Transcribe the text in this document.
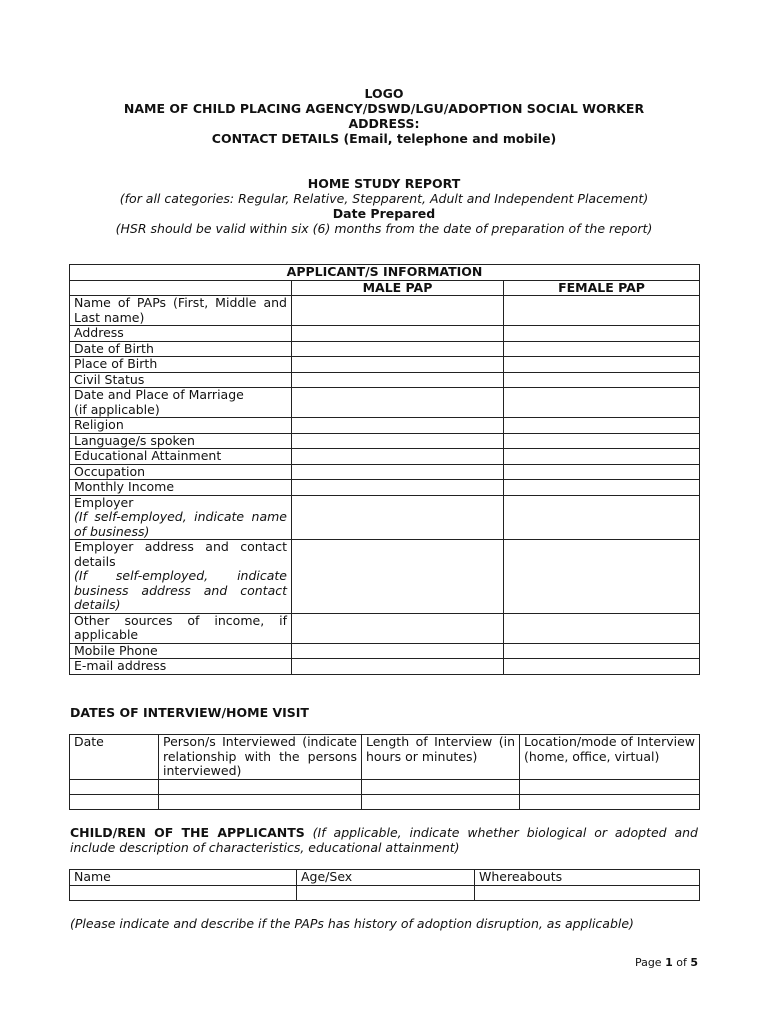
LOGO
NAME OF CHILD PLACING AGENCY/DSWD/LGU/ADOPTION SOCIAL WORKER
ADDRESS:
CONTACT DETAILS (Email, telephone and mobile)
HOME STUDY REPORT
(for all categories: Regular, Relative, Stepparent, Adult and Independent Placement)
Date Prepared
(HSR should be valid within six (6) months from the date of preparation of the report)
APPLICANT/S INFORMATION		
	MALE PAP	FEMALE PAP

Name of PAPs (First, Middle and Last name)		

Address		

Date of Birth		

Place of Birth		

Civil Status		

Date and Place of Marriage
(if applicable)		

Religion		

Language/s spoken		

Educational Attainment		

Occupation		

Monthly Income		

Employer
(If self-employed, indicate name of business)		

Employer address and contact details
(If self-employed, indicate business address and contact details)		

Other sources of income, if applicable		

Mobile Phone		

E-mail address		

DATES OF INTERVIEW/HOME VISIT
Date	Person/s Interviewed (indicate relationship with the persons interviewed)	Length of Interview (in hours or minutes)	Location/mode of Interview (home, office, virtual)

CHILD/REN OF THE APPLICANTS (If applicable, indicate whether biological or adopted and include description of characteristics, educational attainment)
Name	Age/Sex	Whereabouts

(Please indicate and describe if the PAPs has history of adoption disruption, as applicable)
Page 1 of 5
